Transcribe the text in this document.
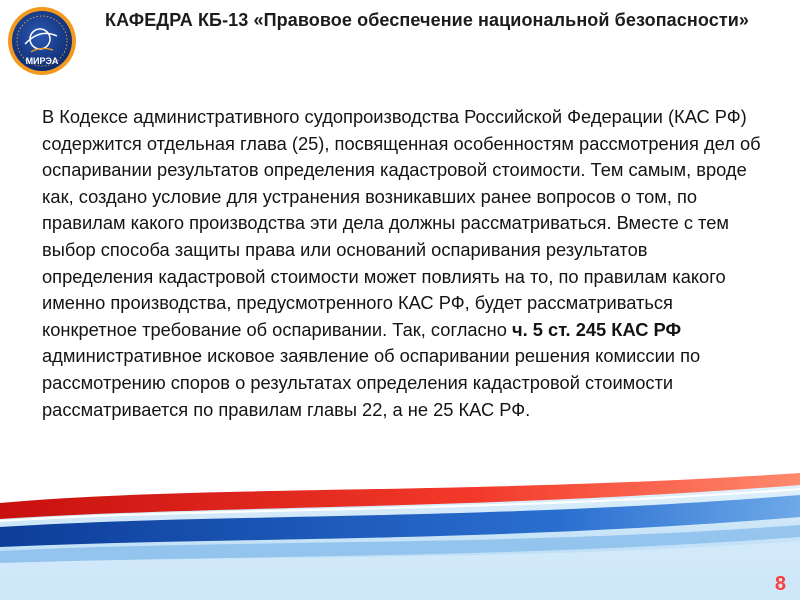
МИРЭА
КАФЕДРА КБ-13 «Правовое обеспечение национальной безопасности»
В Кодексе административного судопроизводства Российской Федерации (КАС РФ) содержится отдельная глава (25), посвященная особенностям рассмотрения дел об оспаривании результатов определения кадастровой стоимости. Тем самым, вроде как, создано условие для устранения возникавших ранее вопросов о том, по правилам какого производства эти дела должны рассматриваться. Вместе с тем выбор способа защиты права или оснований оспаривания результатов определения кадастровой стоимости может повлиять на то, по правилам какого именно производства, предусмотренного КАС РФ, будет рассматриваться конкретное требование об оспаривании. Так, согласно ч. 5 ст. 245 КАС РФ административное исковое заявление об оспаривании решения комиссии по рассмотрению споров о результатах определения кадастровой стоимости рассматривается по правилам главы 22, а не 25 КАС РФ.
8
